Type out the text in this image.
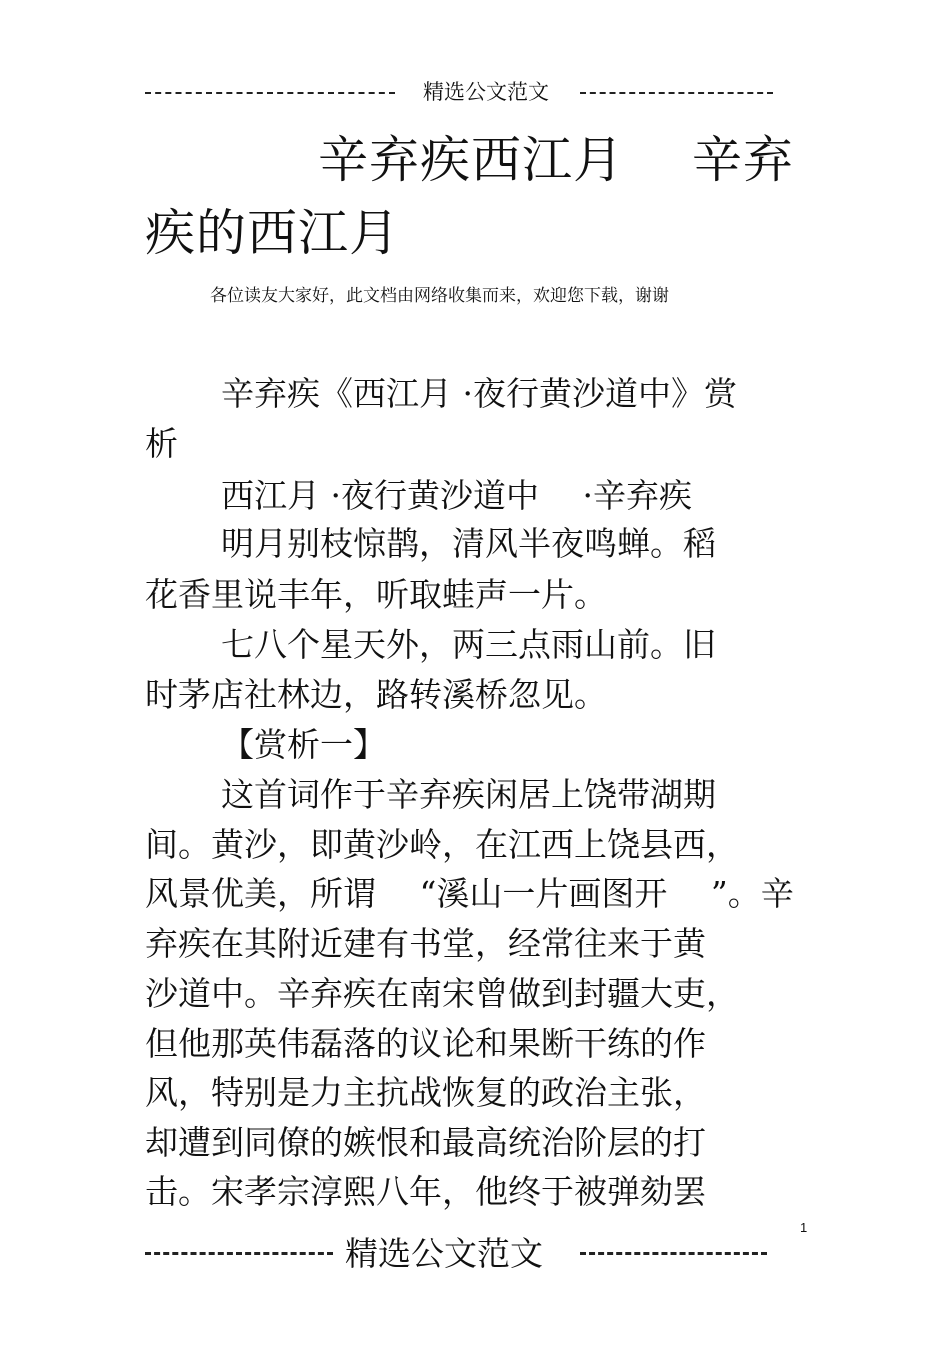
精选公文范文
辛弃疾西江月　 辛弃
疾的西江月
各位读友大家好，此文档由网络收集而来，欢迎您下载，谢谢
辛弃疾《西江月 ·夜行黄沙道中》赏
析
西江月 ·夜行黄沙道中　 ·辛弃疾
明月别枝惊鹊，清风半夜鸣蝉。稻
花香里说丰年，听取蛙声一片。
七八个星天外，两三点雨山前。旧
时茅店社林边，路转溪桥忽见。
【赏析一】
这首词作于辛弃疾闲居上饶带湖期
间。黄沙，即黄沙岭，在江西上饶县西，
风景优美，所谓　 “溪山一片画图开　 ”。辛
弃疾在其附近建有书堂，经常往来于黄
沙道中。辛弃疾在南宋曾做到封疆大吏，
但他那英伟磊落的议论和果断干练的作
风，特别是力主抗战恢复的政治主张，
却遭到同僚的嫉恨和最高统治阶层的打
击。宋孝宗淳熙八年，他终于被弹劾罢
1
精选公文范文
